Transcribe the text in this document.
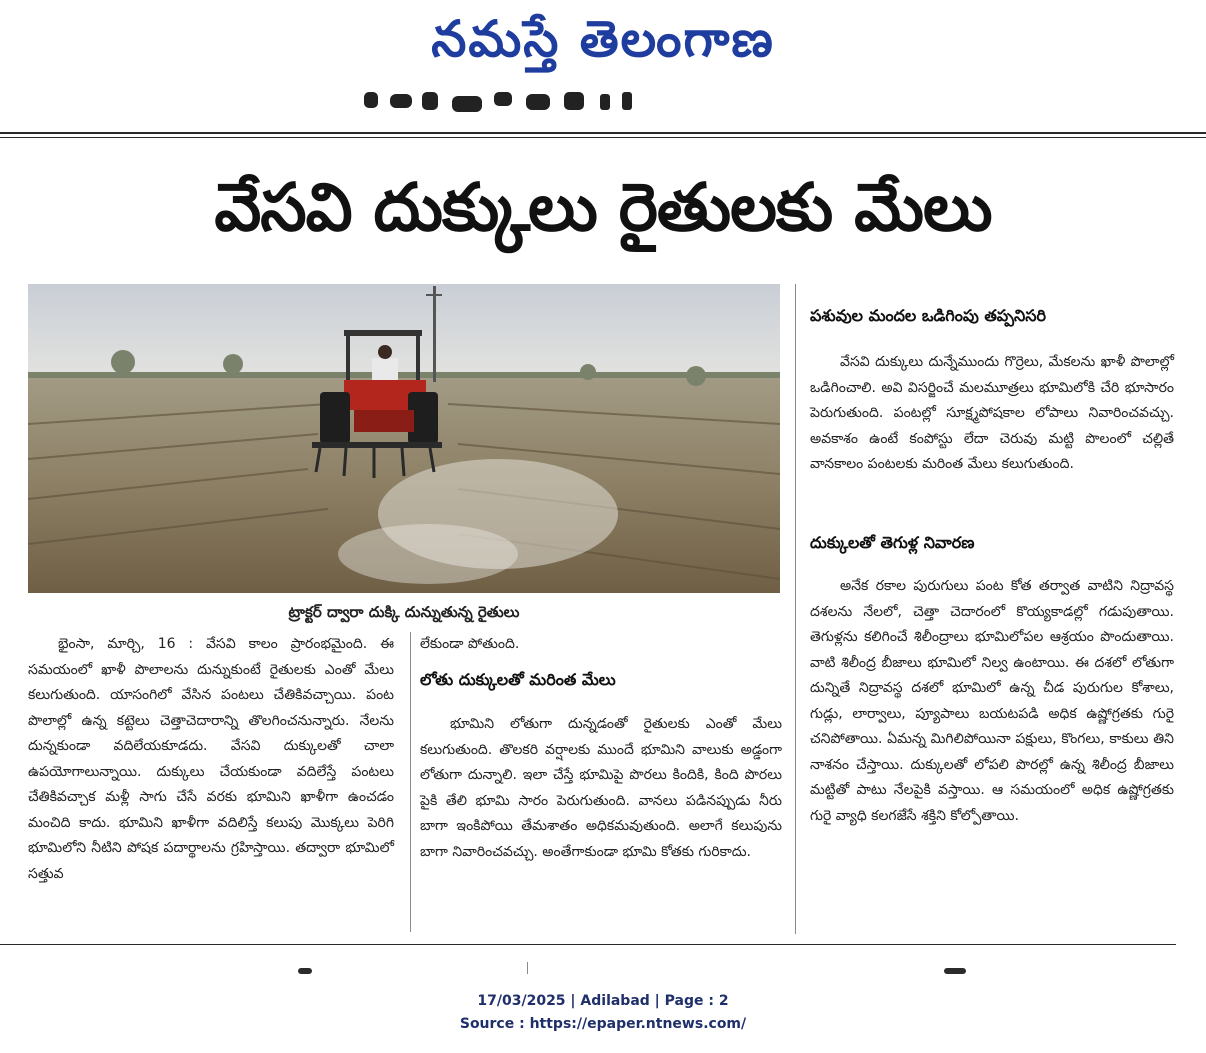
నమస్తే తెలంగాణ
వేసవి దుక్కులు రైతులకు మేలు
ట్రాక్టర్ ద్వారా దుక్కి దున్నుతున్న రైతులు

భైంసా, మార్చి, 16 : వేసవి కాలం ప్రారంభమైంది. ఈ సమయంలో ఖాళీ పొలాలను దున్నుకుంటే రైతులకు ఎంతో మేలు కలుగుతుంది. యాసంగిలో వేసిన పంటలు చేతికివచ్చాయి. పంట పొలాల్లో ఉన్న కట్టెలు చెత్తాచెదారాన్ని తొలగించనున్నారు. నేలను దున్నకుండా వదిలేయకూడదు. వేసవి దుక్కులతో చాలా ఉపయోగాలున్నాయి. దుక్కులు చేయకుండా వదిలేస్తే పంటలు చేతికివచ్చాక మళ్లీ సాగు చేసే వరకు భూమిని ఖాళీగా ఉంచడం మంచిది కాదు. భూమిని ఖాళీగా వదిలిస్తే కలుపు మొక్కలు పెరిగి భూమిలోని నీటిని పోషక పదార్థాలను గ్రహిస్తాయి. తద్వారా భూమిలో సత్తువ

లేకుండా పోతుంది.

లోతు దుక్కులతో మరింత మేలు

భూమిని లోతుగా దున్నడంతో రైతులకు ఎంతో మేలు కలుగుతుంది. తొలకరి వర్షాలకు ముందే భూమిని వాలుకు అడ్డంగా లోతుగా దున్నాలి. ఇలా చేస్తే భూమిపై పొరలు కిందికి, కింది పొరలు పైకి తేలి భూమి సారం పెరుగుతుంది. వానలు పడినప్పుడు నీరు బాగా ఇంకిపోయి తేమశాతం అధికమవుతుంది. అలాగే కలుపును బాగా నివారించవచ్చు. అంతేగాకుండా భూమి కోతకు గురికాదు.

పశువుల మందల ఒడిగింపు తప్పనిసరి

వేసవి దుక్కులు దున్నేముందు గొర్రెలు, మేకలను ఖాళీ పొలాల్లో ఒడిగించాలి. అవి విసర్జించే మలమూత్రలు భూమిలోకి చేరి భూసారం పెరుగుతుంది. పంటల్లో సూక్ష్మపోషకాల లోపాలు నివారించవచ్చు. అవకాశం ఉంటే కంపోస్టు లేదా చెరువు మట్టి పొలంలో చల్లితే వానకాలం పంటలకు మరింత మేలు కలుగుతుంది.

దుక్కులతో తెగుళ్ల నివారణ

అనేక రకాల పురుగులు పంట కోత తర్వాత వాటిని నిద్రావస్థ దశలను నేలలో, చెత్తా చెదారంలో కొయ్యకాడల్లో గడుపుతాయి. తెగుళ్లను కలిగించే శిలీంద్రాలు భూమిలోపల ఆశ్రయం పొందుతాయి. వాటి శిలీంద్ర బీజాలు భూమిలో నిల్వ ఉంటాయి. ఈ దశలో లోతుగా దున్నితే నిద్రావస్థ దశలో భూమిలో ఉన్న చీడ పురుగుల కోశాలు, గుడ్లు, లార్వాలు, ప్యూపాలు బయటపడి అధిక ఉష్ణోగ్రతకు గురై చనిపోతాయి. ఏమన్న మిగిలిపోయినా పక్షులు, కొంగలు, కాకులు తిని నాశనం చేస్తాయి. దుక్కులతో లోపలి పొరల్లో ఉన్న శిలీంద్ర బీజాలు మట్టితో పాటు నేలపైకి వస్తాయి. ఆ సమయంలో అధిక ఉష్ణోగ్రతకు గురై వ్యాధి కలగజేసే శక్తిని కోల్పోతాయి.

17/03/2025 | Adilabad | Page : 2
Source : https://epaper.ntnews.com/
